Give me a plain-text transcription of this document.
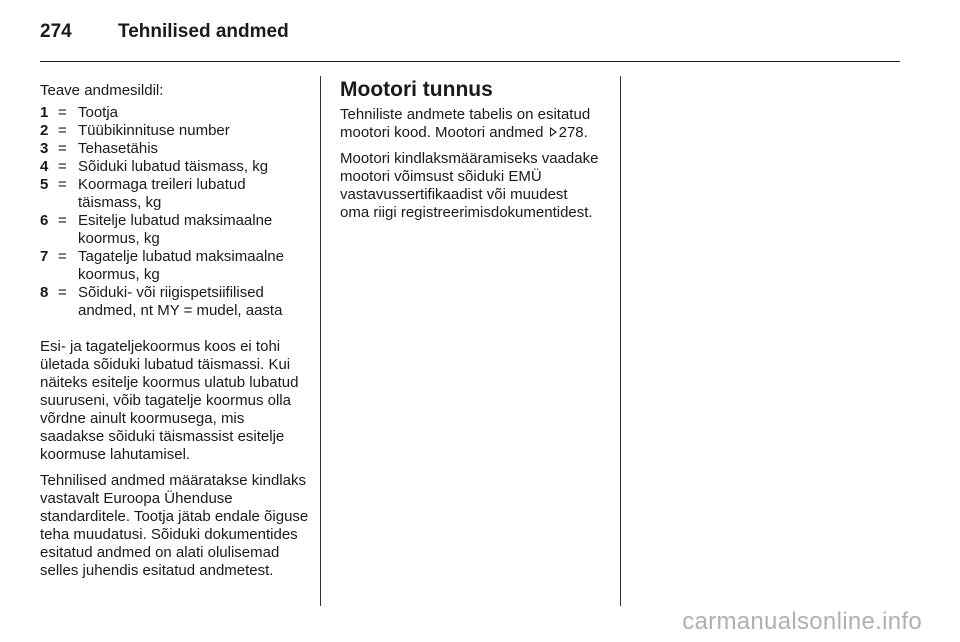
274	Tehnilised andmed

Teave andmesildil:

1 = Tootja
2 = Tüübikinnituse number
3 = Tehasetähis
4 = Sõiduki lubatud täismass, kg
5 = Koormaga treileri lubatud täismass, kg
6 = Esitelje lubatud maksimaalne koormus, kg
7 = Tagatelje lubatud maksimaalne koormus, kg
8 = Sõiduki- või riigispetsiifilised andmed, nt MY = mudel, aasta

Esi- ja tagateljekoormus koos ei tohi ületada sõiduki lubatud täismassi. Kui näiteks esitelje koormus ulatub lubatud suuruseni, võib tagatelje koormus olla võrdne ainult koormusega, mis saadakse sõiduki täismassist esitelje koormuse lahutamisel.

Tehnilised andmed määratakse kindlaks vastavalt Euroopa Ühenduse standarditele. Tootja jätab endale õiguse teha muudatusi. Sõiduki dokumentides esitatud andmed on alati olulisemad selles juhendis esitatud andmetest.

Mootori tunnus

Tehniliste andmete tabelis on esitatud mootori kood. Mootori andmed 278.

Mootori kindlaksmääramiseks vaadake mootori võimsust sõiduki EMÜ vastavussertifikaadist või muudest oma riigi registreerimisdokumentidest.

carmanualsonline.info
